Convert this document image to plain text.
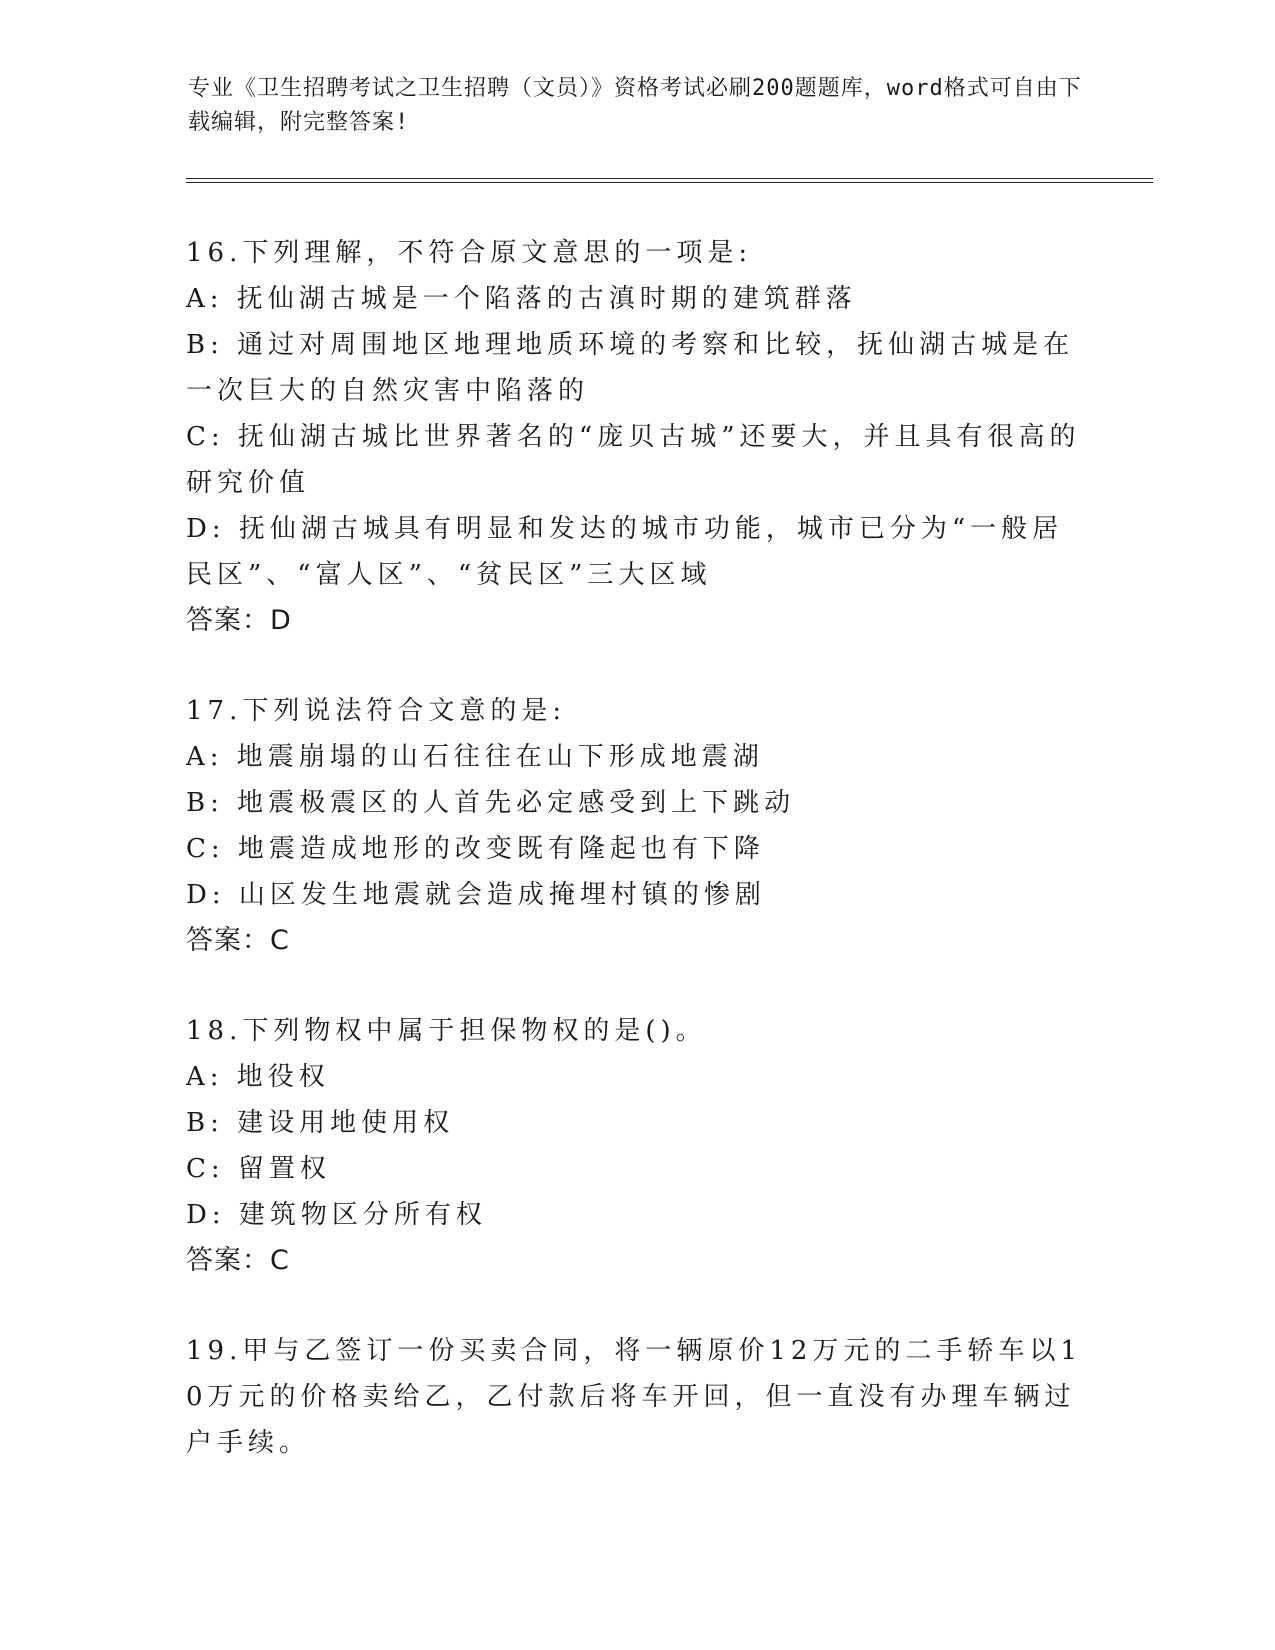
专业《卫生招聘考试之卫生招聘（文员）》资格考试必刷200题题库，word格式可自由下载编辑，附完整答案!
16.下列理解，不符合原文意思的一项是:
A: 抚仙湖古城是一个陷落的古滇时期的建筑群落
B: 通过对周围地区地理地质环境的考察和比较，抚仙湖古城是在一次巨大的自然灾害中陷落的
C: 抚仙湖古城比世界著名的“庞贝古城”还要大，并且具有很高的研究价值
D: 抚仙湖古城具有明显和发达的城市功能，城市已分为“一般居民区”、“富人区”、“贫民区”三大区域
答案：D
17.下列说法符合文意的是:
A: 地震崩塌的山石往往在山下形成地震湖
B: 地震极震区的人首先必定感受到上下跳动
C: 地震造成地形的改变既有隆起也有下降
D: 山区发生地震就会造成掩埋村镇的惨剧
答案：C
18.下列物权中属于担保物权的是()。
A: 地役权
B: 建设用地使用权
C: 留置权
D: 建筑物区分所有权
答案：C
19.甲与乙签订一份买卖合同，将一辆原价12万元的二手轿车以10万元的价格卖给乙，乙付款后将车开回，但一直没有办理车辆过户手续。
